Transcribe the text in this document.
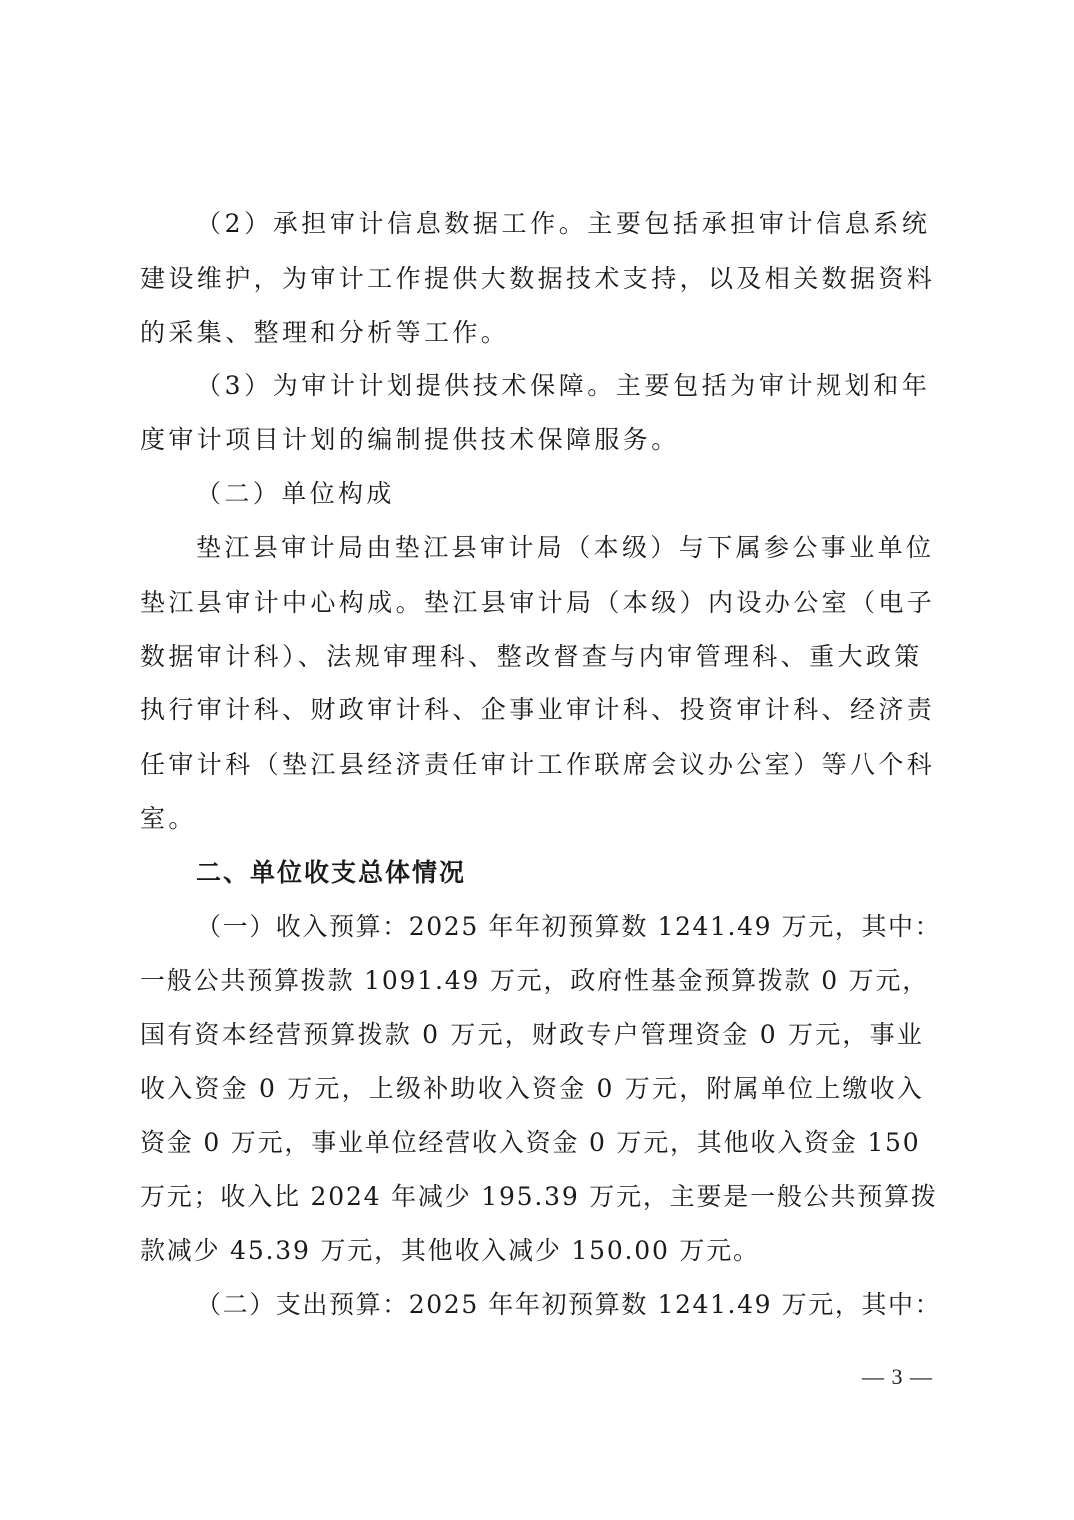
（2）承担审计信息数据工作。主要包括承担审计信息系统
建设维护，为审计工作提供大数据技术支持，以及相关数据资料
的采集、整理和分析等工作。
（3）为审计计划提供技术保障。主要包括为审计规划和年
度审计项目计划的编制提供技术保障服务。
（二）单位构成
垫江县审计局由垫江县审计局（本级）与下属参公事业单位
垫江县审计中心构成。垫江县审计局（本级）内设办公室（电子
数据审计科）、法规审理科、整改督查与内审管理科、重大政策
执行审计科、财政审计科、企事业审计科、投资审计科、经济责
任审计科（垫江县经济责任审计工作联席会议办公室）等八个科
室。
二、单位收支总体情况
（一）收入预算：2025 年年初预算数 1241.49 万元，其中：
一般公共预算拨款 1091.49 万元，政府性基金预算拨款 0 万元，
国有资本经营预算拨款 0 万元，财政专户管理资金 0 万元，事业
收入资金 0 万元，上级补助收入资金 0 万元，附属单位上缴收入
资金 0 万元，事业单位经营收入资金 0 万元，其他收入资金 150
万元；收入比 2024 年减少 195.39 万元，主要是一般公共预算拨
款减少 45.39 万元，其他收入减少 150.00 万元。
（二）支出预算：2025 年年初预算数 1241.49 万元，其中：
— 3 —
